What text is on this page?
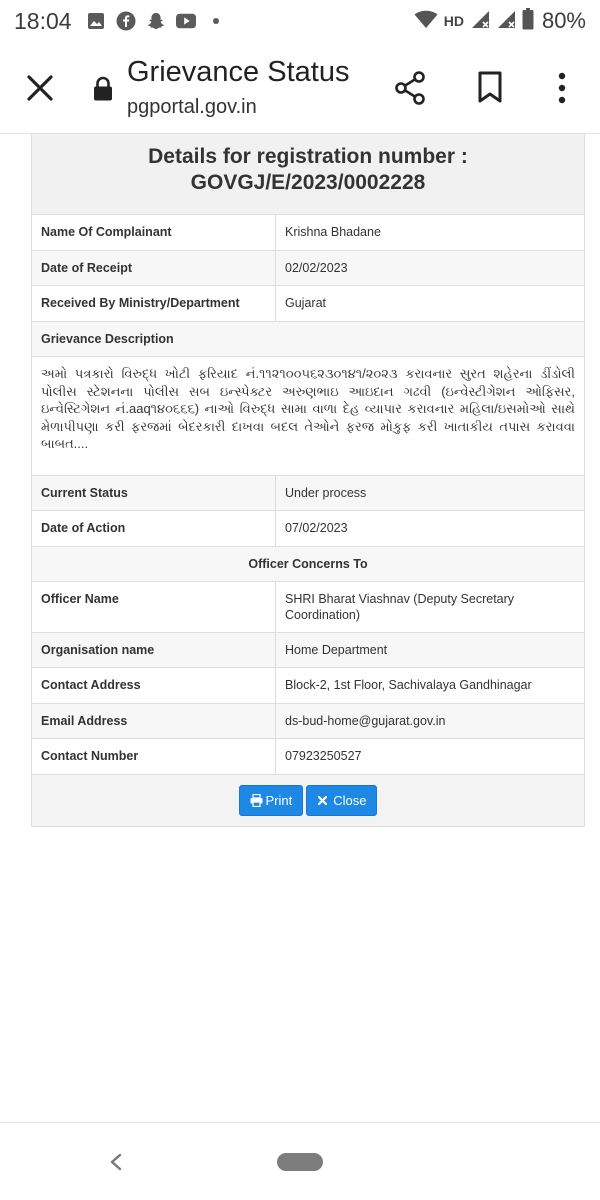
18:04	HD	80%
Grievance Status
pgportal.gov.in
Details for registration number :
GOVGJ/E/2023/0002228
Name Of Complainant	Krishna Bhadane
Date of Receipt	02/02/2023
Received By Ministry/Department	Gujarat
Grievance Description
અમો પત્રકારો વિરુદ્ધ ખોટી ફરિયાદ નં.૧૧૨૧૦૦૫૬૨૩૦૧૪૧/૨૦૨૩ કરાવનાર સુરત શહેરના ડીંડોલી પોલીસ સ્ટેશનના પોલીસ સબ ઇન્સ્પેક્ટર અરુણભાઇ આઇદાન ગઢવી (ઇન્વેસ્ટીગેશન ઓફિસર, ઇન્વેસ્ટિગેશન નં.aaq૧૪૦૬૬૬) નાઓ વિરુદ્ધ સામા વાળા દેહ વ્યાપાર કરાવનાર મહિલા/ઇસમોઓ સાથે મેળાપીપણા કરી ફરજમાં બેદરકારી દાખવા બદલ તેઓને ફરજ મોકુફ કરી ખાતાકીય તપાસ કરાવવા બાબત....
Current Status	Under process
Date of Action	07/02/2023
Officer Concerns To
Officer Name	SHRI Bharat Viashnav (Deputy Secretary Coordination)
Organisation name	Home Department
Contact Address	Block-2, 1st Floor, Sachivalaya Gandhinagar
Email Address	ds-bud-home@gujarat.gov.in
Contact Number	07923250527
Print	Close
